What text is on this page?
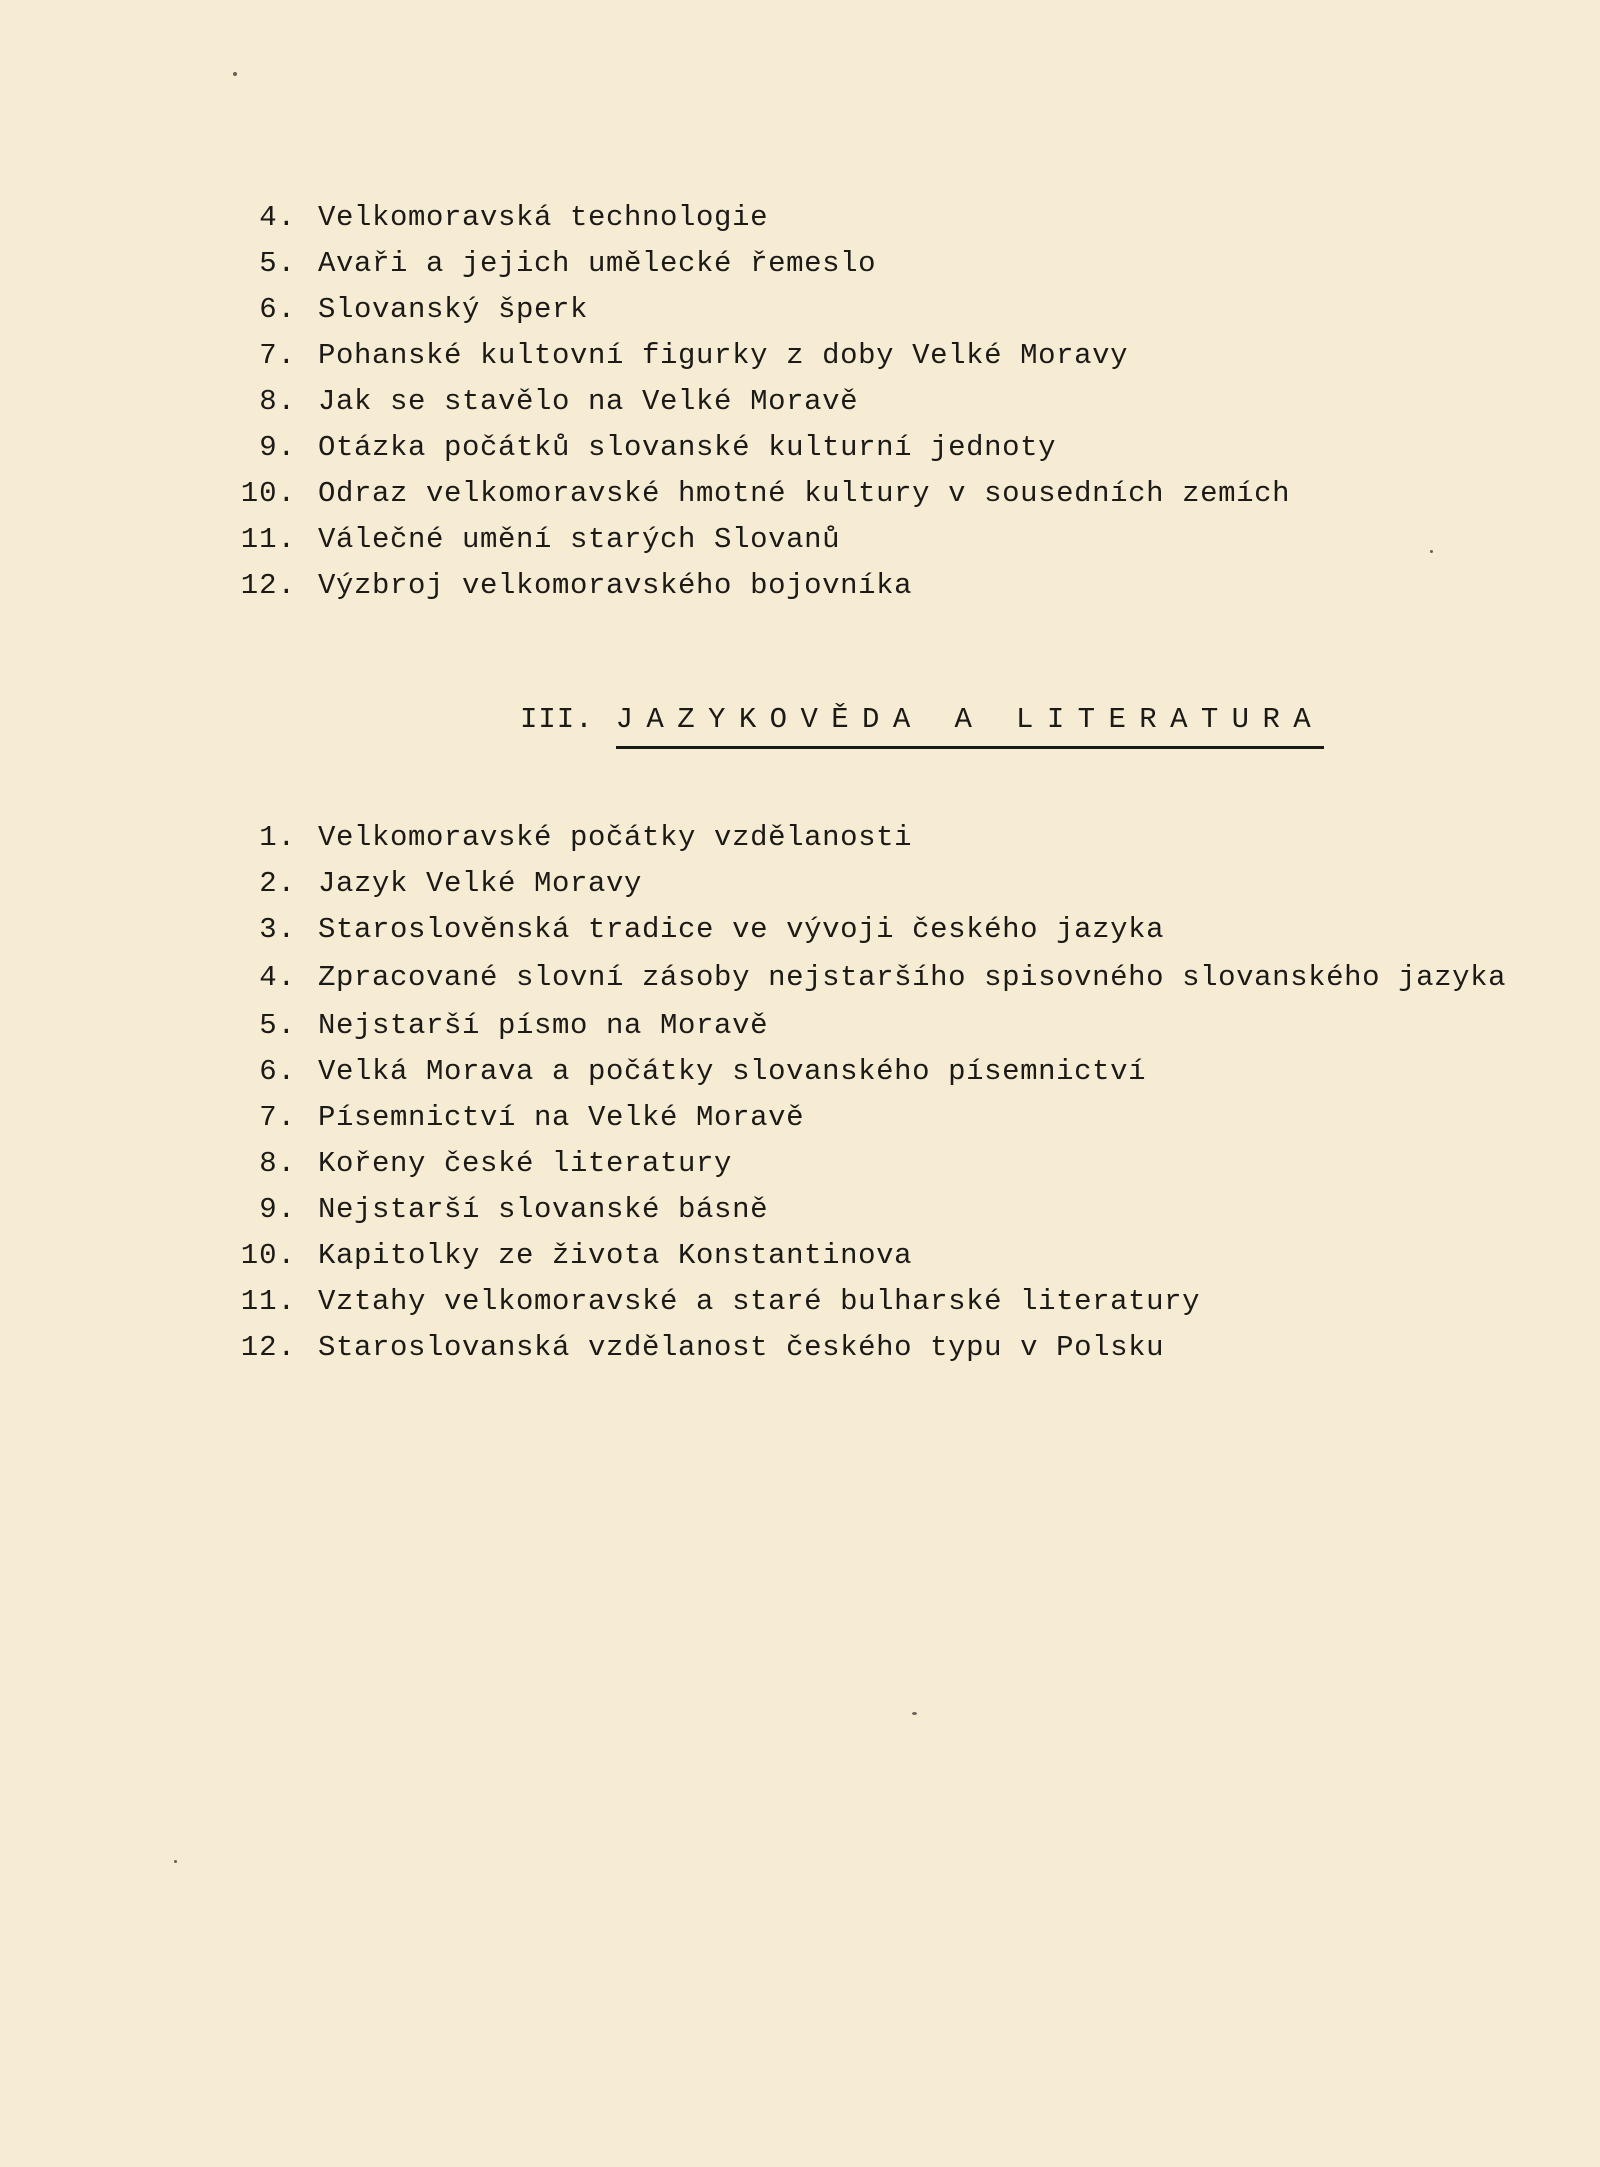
4. Velkomoravská technologie
5. Avaři a jejich umělecké řemeslo
6. Slovanský šperk
7. Pohanské kultovní figurky z doby Velké Moravy
8. Jak se stavělo na Velké Moravě
9. Otázka počátků slovanské kulturní jednoty
10. Odraz velkomoravské hmotné kultury v sousedních zemích
11. Válečné umění starých Slovanů
12. Výzbroj velkomoravského bojovníka
III. JAZYKOVĚDA A LITERATURA
1. Velkomoravské počátky vzdělanosti
2. Jazyk Velké Moravy
3. Staroslověnská tradice ve vývoji českého jazyka
4. Zpracované slovní zásoby nejstaršího spisovného slovanského jazyka
5. Nejstarší písmo na Moravě
6. Velká Morava a počátky slovanského písemnictví
7. Písemnictví na Velké Moravě
8. Kořeny české literatury
9. Nejstarší slovanské básně
10. Kapitolky ze života Konstantinova
11. Vztahy velkomoravské a staré bulharské literatury
12. Staroslovanská vzdělanost českého typu v Polsku
